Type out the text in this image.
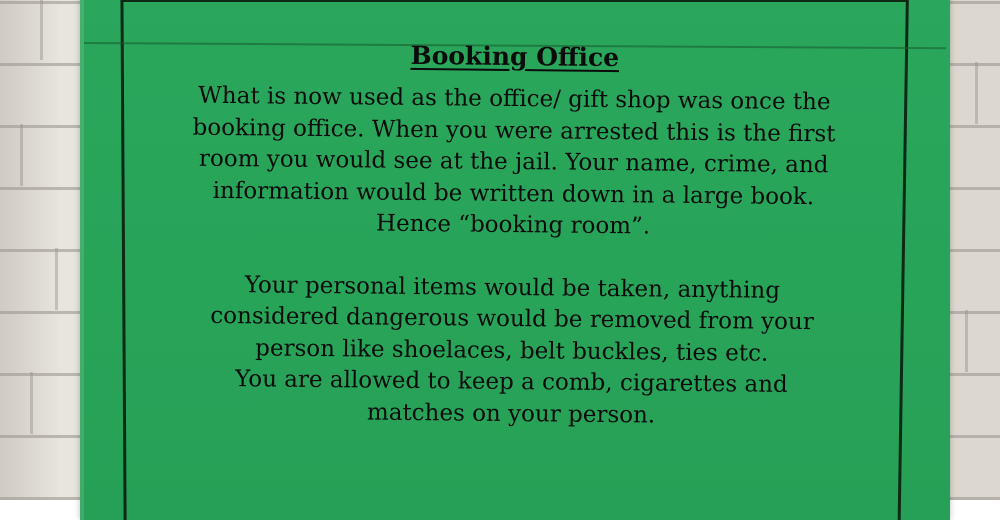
Booking Office

What is now used as the office/ gift shop was once the
booking office. When you were arrested this is the first
room you would see at the jail. Your name, crime, and
information would be written down in a large book.
Hence “booking room”.

Your personal items would be taken, anything
considered dangerous would be removed from your
person like shoelaces, belt buckles, ties etc.
You are allowed to keep a comb, cigarettes and
matches on your person.
